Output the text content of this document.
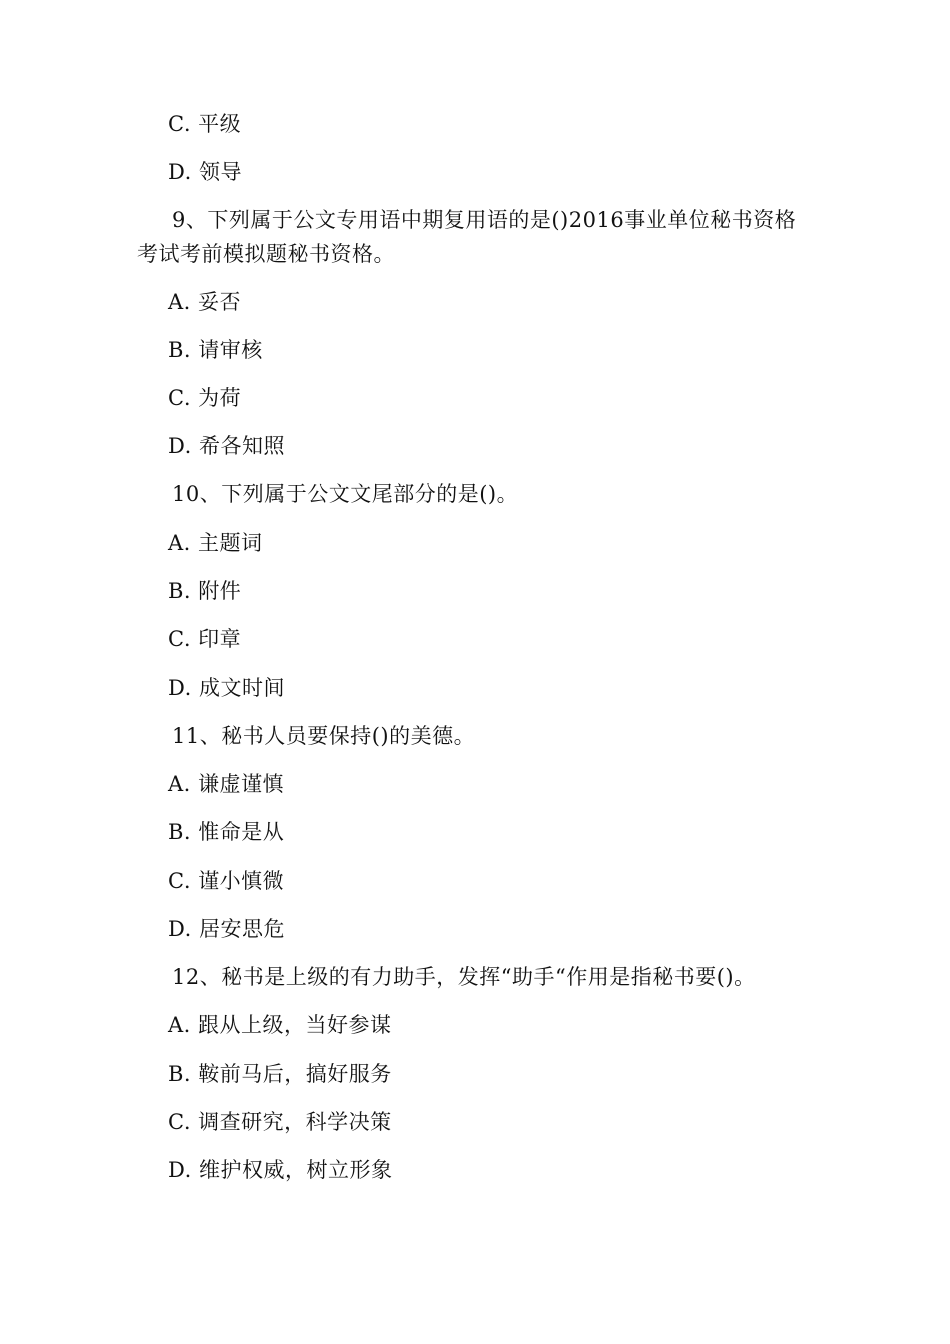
C. 平级
D. 领导
9、下列属于公文专用语中期复用语的是()2016事业单位秘书资格
考试考前模拟题秘书资格。
A. 妥否
B. 请审核
C. 为荷
D. 希各知照
10、下列属于公文文尾部分的是()。
A. 主题词
B. 附件
C. 印章
D. 成文时间
11、秘书人员要保持()的美德。
A. 谦虚谨慎
B. 惟命是从
C. 谨小慎微
D. 居安思危
12、秘书是上级的有力助手，发挥“助手“作用是指秘书要()。
A. 跟从上级，当好参谋
B. 鞍前马后，搞好服务
C. 调查研究，科学决策
D. 维护权威，树立形象
